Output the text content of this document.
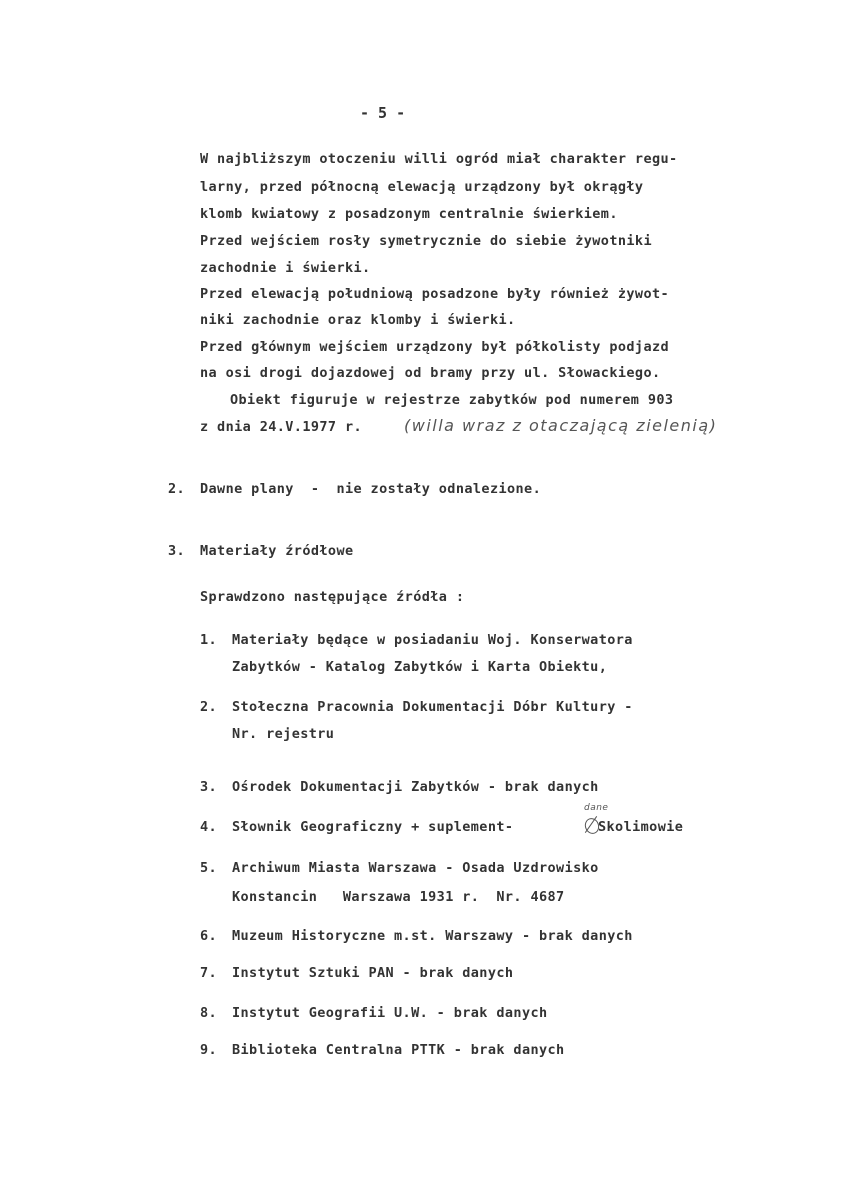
- 5 -
W najbliższym otoczeniu willi ogród miał charakter regu-
larny, przed północną elewacją urządzony był okrągły
klomb kwiatowy z posadzonym centralnie świerkiem.
Przed wejściem rosły symetrycznie do siebie żywotniki
zachodnie i świerki.
Przed elewacją południową posadzone były również żywot-
niki zachodnie oraz klomby i świerki.
Przed głównym wejściem urządzony był półkolisty podjazd
na osi drogi dojazdowej od bramy przy ul. Słowackiego.
Obiekt figuruje w rejestrze zabytków pod numerem 903
z dnia 24.V.1977 r.	(willa wraz z otaczającą zielenią)
2. Dawne plany  -  nie zostały odnalezione.
3. Materiały źródłowe
Sprawdzono następujące źródła :
1. Materiały będące w posiadaniu Woj. Konserwatora
Zabytków - Katalog Zabytków i Karta Obiektu,
2. Stołeczna Pracownia Dokumentacji Dóbr Kultury -
Nr. rejestru
3. Ośrodek Dokumentacji Zabytków - brak danych
4. Słownik Geograficzny + suplement-
dane
Skolimowie
5. Archiwum Miasta Warszawa - Osada Uzdrowisko
Konstancin   Warszawa 1931 r.  Nr. 4687
6. Muzeum Historyczne m.st. Warszawy - brak danych
7. Instytut Sztuki PAN - brak danych
8. Instytut Geografii U.W. - brak danych
9. Biblioteka Centralna PTTK - brak danych
